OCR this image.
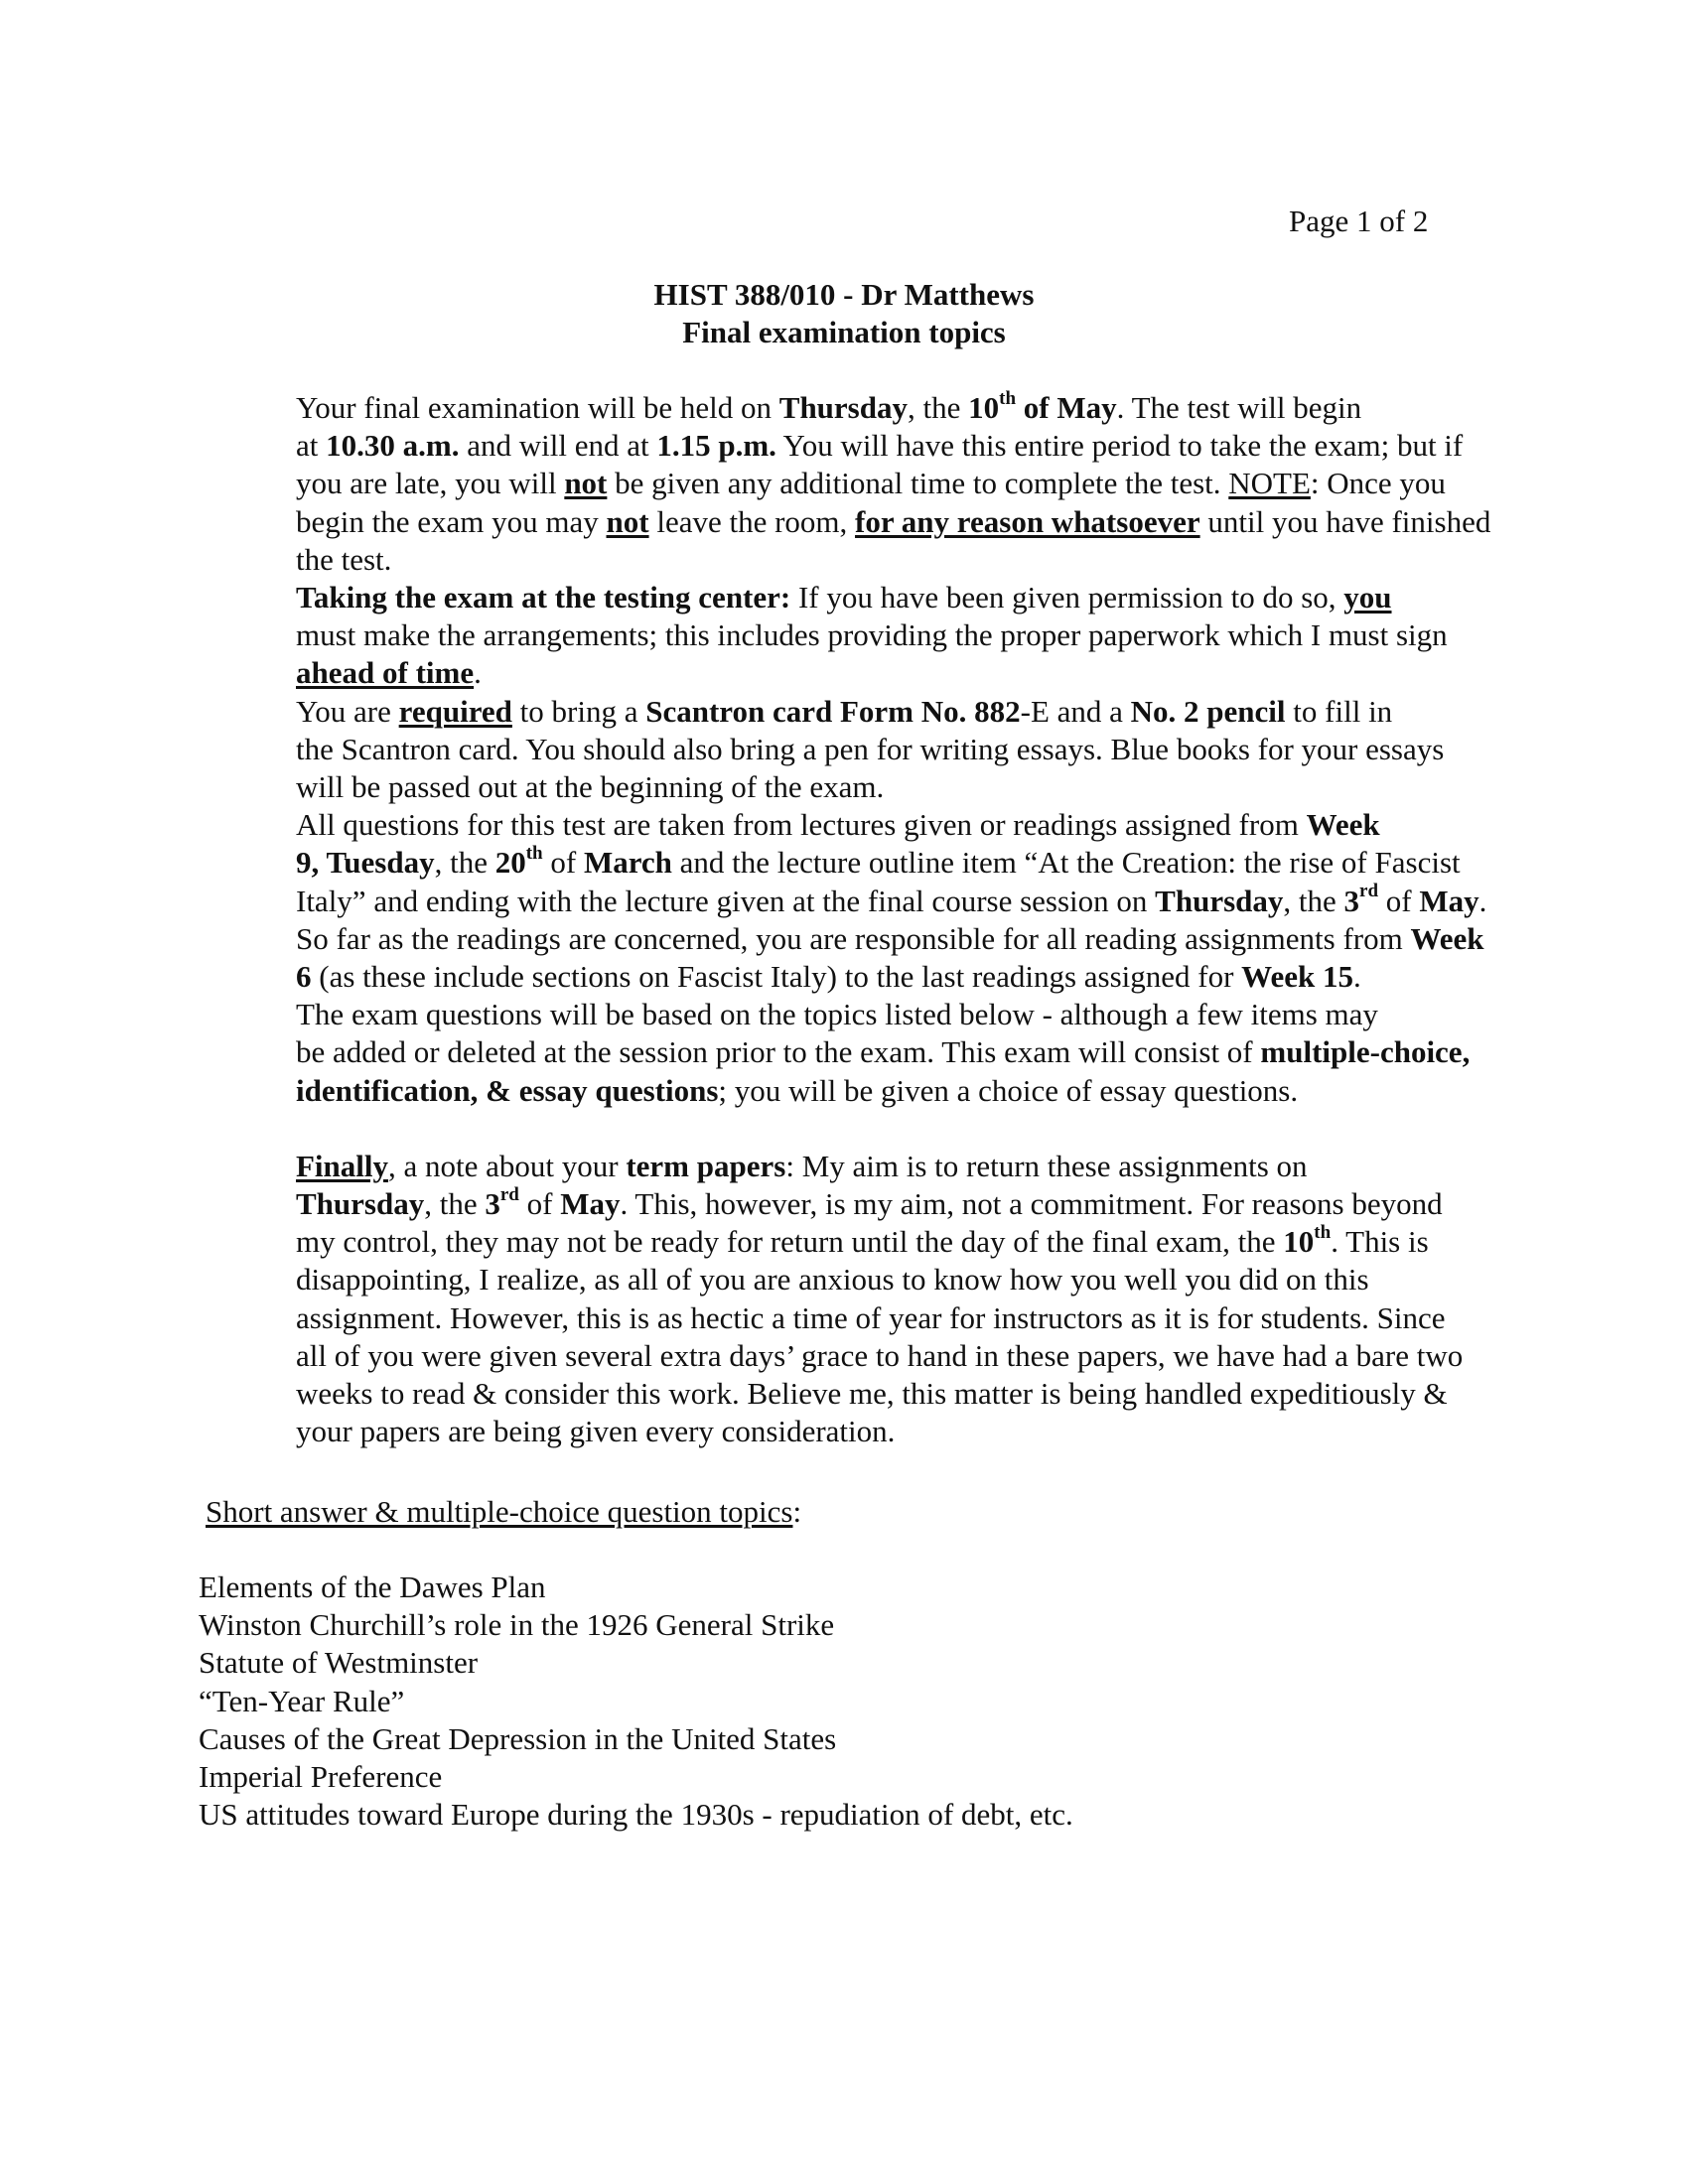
Page 1 of 2
HIST 388/010 - Dr Matthews
Final examination topics

Your final examination will be held on Thursday, the 10th of May. The test will begin
at 10.30 a.m. and will end at 1.15 p.m. You will have this entire period to take the exam; but if
you are late, you will not be given any additional time to complete the test. NOTE: Once you
begin the exam you may not leave the room, for any reason whatsoever until you have finished
the test.

Taking the exam at the testing center: If you have been given permission to do so, you
must make the arrangements; this includes providing the proper paperwork which I must sign
ahead of time.

You are required to bring a Scantron card Form No. 882-E and a No. 2 pencil to fill in
the Scantron card. You should also bring a pen for writing essays. Blue books for your essays
will be passed out at the beginning of the exam.

All questions for this test are taken from lectures given or readings assigned from Week
9, Tuesday, the 20th of March and the lecture outline item “At the Creation: the rise of Fascist
Italy” and ending with the lecture given at the final course session on Thursday, the 3rd of May.
So far as the readings are concerned, you are responsible for all reading assignments from Week
6 (as these include sections on Fascist Italy) to the last readings assigned for Week 15.

The exam questions will be based on the topics listed below - although a few items may
be added or deleted at the session prior to the exam. This exam will consist of multiple-choice,
identification, & essay questions; you will be given a choice of essay questions.

Finally, a note about your term papers: My aim is to return these assignments on
Thursday, the 3rd of May. This, however, is my aim, not a commitment. For reasons beyond
my control, they may not be ready for return until the day of the final exam, the 10th. This is
disappointing, I realize, as all of you are anxious to know how you well you did on this
assignment. However, this is as hectic a time of year for instructors as it is for students. Since
all of you were given several extra days’ grace to hand in these papers, we have had a bare two
weeks to read & consider this work. Believe me, this matter is being handled expeditiously &
your papers are being given every consideration.

Short answer & multiple-choice question topics:
Elements of the Dawes Plan
Winston Churchill’s role in the 1926 General Strike
Statute of Westminster
“Ten-Year Rule”
Causes of the Great Depression in the United States
Imperial Preference
US attitudes toward Europe during the 1930s - repudiation of debt, etc.
